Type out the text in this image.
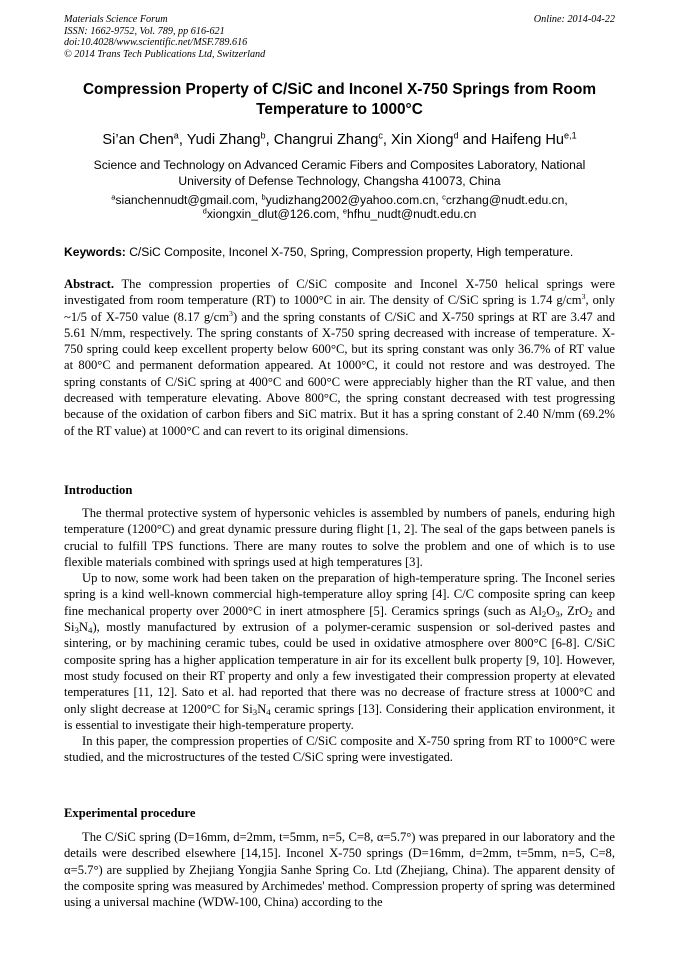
Materials Science Forum
ISSN: 1662-9752, Vol. 789, pp 616-621
doi:10.4028/www.scientific.net/MSF.789.616
© 2014 Trans Tech Publications Ltd, Switzerland
Online: 2014-04-22
Compression Property of C/SiC and Inconel X-750 Springs from Room
Temperature to 1000°C
Si’an Chen$^a$, Yudi Zhang$^b$, Changrui Zhang$^c$, Xin Xiong$^d$ and Haifeng Hu$^{e,1}$
Science and Technology on Advanced Ceramic Fibers and Composites Laboratory, National
University of Defense Technology, Changsha 410073, China
$^a$sianchennudt@gmail.com, $^b$yudizhang2002@yahoo.com.cn, $^c$crzhang@nudt.edu.cn,
$^d$xiongxin_dlut@126.com, $^e$hfhu_nudt@nudt.edu.cn
Keywords: C/SiC Composite, Inconel X-750, Spring, Compression property, High temperature.
Abstract. The compression properties of C/SiC composite and Inconel X-750 helical springs were investigated from room temperature (RT) to 1000°C in air. The density of C/SiC spring is 1.74 $g/cm^3$, only ~1/5 of X-750 value (8.17 $g/cm^3$) and the spring constants of C/SiC and X-750 springs at RT are 3.47 and 5.61 N/mm, respectively. The spring constants of X-750 spring decreased with increase of temperature. X-750 spring could keep excellent property below 600°C, but its spring constant was only 36.7% of RT value at 800°C and permanent deformation appeared. At 1000°C, it could not restore and was destroyed. The spring constants of C/SiC spring at 400°C and 600°C were appreciably higher than the RT value, and then decreased with temperature elevating. Above 800°C, the spring constant decreased with test progressing because of the oxidation of carbon fibers and SiC matrix. But it has a spring constant of 2.40 N/mm (69.2% of the RT value) at 1000°C and can revert to its original dimensions.
Introduction

The thermal protective system of hypersonic vehicles is assembled by numbers of panels, enduring high temperature (1200°C) and great dynamic pressure during flight [1, 2]. The seal of the gaps between panels is crucial to fulfill TPS functions. There are many routes to solve the problem and one of which is to use flexible materials combined with springs used at high temperatures [3].

Up to now, some work had been taken on the preparation of high-temperature spring. The Inconel series spring is a kind well-known commercial high-temperature alloy spring [4]. C/C composite spring can keep fine mechanical property over 2000°C in inert atmosphere [5]. Ceramics springs (such as $Al_2O_3$, ZrO$_2$ and $Si_3N_4$), mostly manufactured by extrusion of a polymer-ceramic suspension or sol-derived pastes and sintering, or by machining ceramic tubes, could be used in oxidative atmosphere over 800°C [6-8]. C/SiC composite spring has a higher application temperature in air for its excellent bulk property [9, 10]. However, most study focused on their RT property and only a few investigated their compression property at elevated temperatures [11, 12]. Sato et al. had reported that there was no decrease of fracture stress at 1000°C and only slight decrease at 1200°C for $Si_3N_4$ ceramic springs [13]. Considering their application environment, it is essential to investigate their high-temperature property.

In this paper, the compression properties of C/SiC composite and X-750 spring from RT to 1000°C were studied, and the microstructures of the tested C/SiC spring were investigated.

Experimental procedure

The C/SiC spring (D=16mm, d=2mm, t=5mm, n=5, C=8, α=5.7°) was prepared in our laboratory and the details were described elsewhere [14,15]. Inconel X-750 springs (D=16mm, d=2mm, t=5mm, n=5, C=8, α=5.7°) are supplied by Zhejiang Yongjia Sanhe Spring Co. Ltd (Zhejiang, China). The apparent density of the composite spring was measured by Archimedes' method. Compression property of spring was determined using a universal machine (WDW-100, China) according to the
